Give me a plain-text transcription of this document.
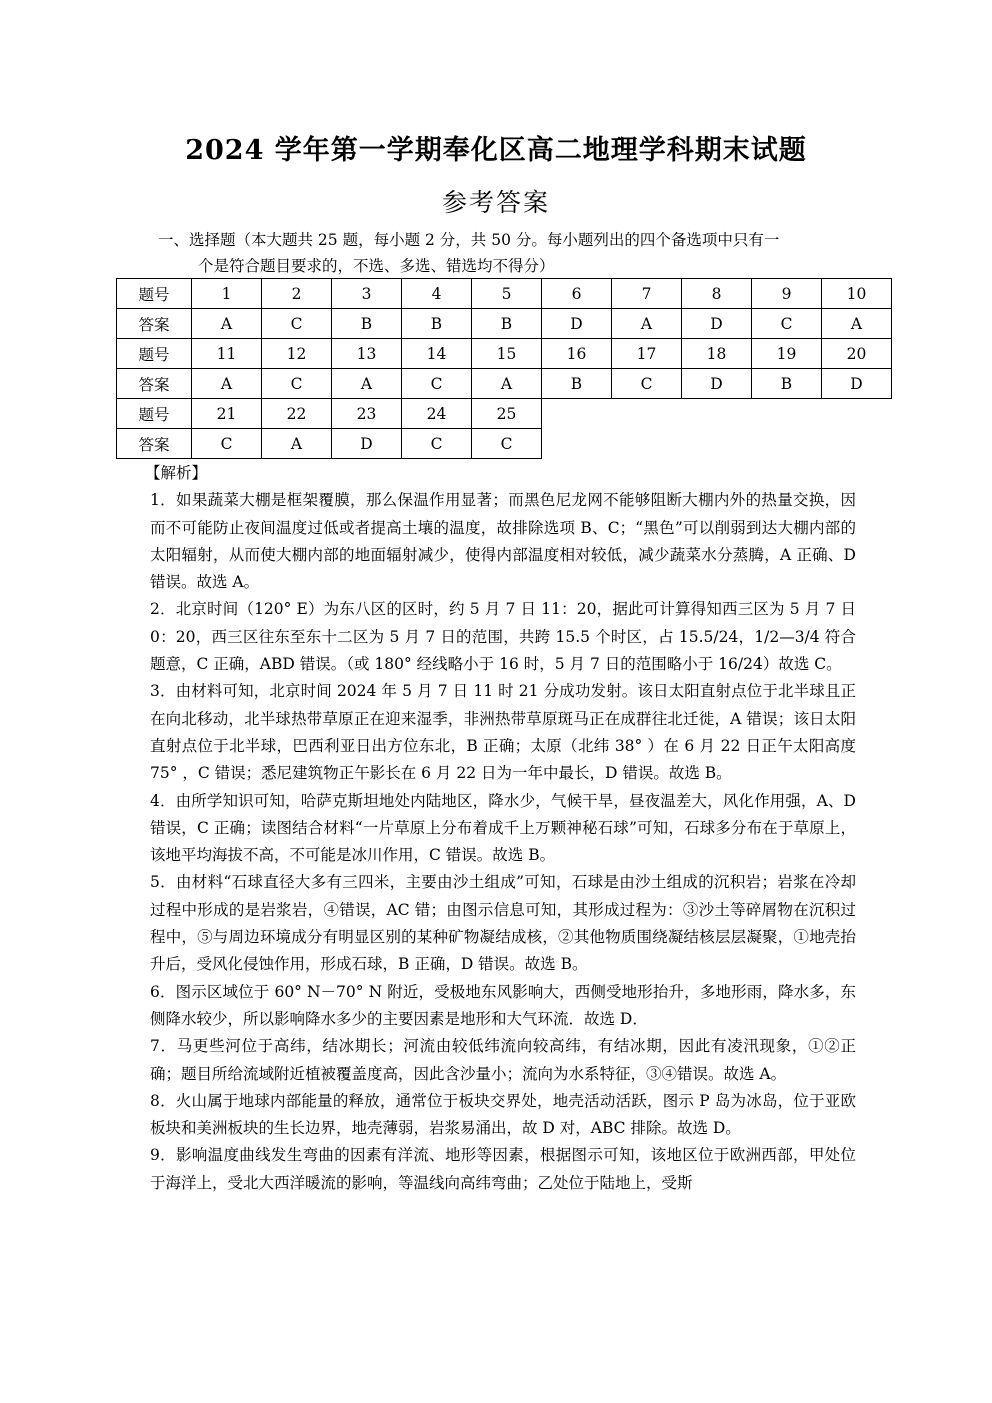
2024 学年第一学期奉化区高二地理学科期末试题
参考答案
一、选择题（本大题共 25 题，每小题 2 分，共 50 分。每小题列出的四个备选项中只有一
个是符合题目要求的，不选、多选、错选均不得分）
题号	1	2	3	4	5	6	7	8	9	10
答案	A	C	B	B	B	D	A	D	C	A
题号	11	12	13	14	15	16	17	18	19	20
答案	A	C	A	C	A	B	C	D	B	D
题号	21	22	23	24	25					
答案	C	A	D	C	C					

【解析】

1．如果蔬菜大棚是框架覆膜，那么保温作用显著；而黑色尼龙网不能够阻断大棚内外的热量交换，因而不可能防止夜间温度过低或者提高土壤的温度，故排除选项 B、C；“黑色”可以削弱到达大棚内部的太阳辐射，从而使大棚内部的地面辐射减少，使得内部温度相对较低，减少蔬菜水分蒸腾，A 正确、D 错误。故选 A。

2．北京时间（120° E）为东八区的区时，约 5 月 7 日 11：20，据此可计算得知西三区为 5 月 7 日 0：20，西三区往东至东十二区为 5 月 7 日的范围，共跨 15.5 个时区，占 15.5/24，1/2—3/4 符合题意，C 正确，ABD 错误。（或 180° 经线略小于 16 时，5 月 7 日的范围略小于 16/24）故选 C。

3．由材料可知，北京时间 2024 年 5 月 7 日 11 时 21 分成功发射。该日太阳直射点位于北半球且正在向北移动，北半球热带草原正在迎来湿季，非洲热带草原斑马正在成群往北迁徙，A 错误；该日太阳直射点位于北半球，巴西利亚日出方位东北，B 正确；太原（北纬 38° ）在 6 月 22 日正午太阳高度 75° ，C 错误；悉尼建筑物正午影长在 6 月 22 日为一年中最长，D 错误。故选 B。

4．由所学知识可知，哈萨克斯坦地处内陆地区，降水少，气候干旱，昼夜温差大，风化作用强，A、D 错误，C 正确；读图结合材料“一片草原上分布着成千上万颗神秘石球”可知，石球多分布在于草原上，该地平均海拔不高，不可能是冰川作用，C 错误。故选 B。

5．由材料“石球直径大多有三四米，主要由沙土组成”可知，石球是由沙土组成的沉积岩；岩浆在冷却过程中形成的是岩浆岩，④错误，AC 错；由图示信息可知，其形成过程为：③沙土等碎屑物在沉积过程中，⑤与周边环境成分有明显区别的某种矿物凝结成核，②其他物质围绕凝结核层层凝聚，①地壳抬升后，受风化侵蚀作用，形成石球，B 正确，D 错误。故选 B。

6．图示区域位于 60° N－70° N 附近，受极地东风影响大，西侧受地形抬升，多地形雨，降水多，东侧降水较少，所以影响降水多少的主要因素是地形和大气环流．故选 D．

7．马更些河位于高纬，结冰期长；河流由较低纬流向较高纬，有结冰期，因此有凌汛现象，①②正确；题目所给流域附近植被覆盖度高，因此含沙量小；流向为水系特征，③④错误。故选 A。

8．火山属于地球内部能量的释放，通常位于板块交界处，地壳活动活跃，图示 P 岛为冰岛，位于亚欧板块和美洲板块的生长边界，地壳薄弱，岩浆易涌出，故 D 对，ABC 排除。故选 D。

9．影响温度曲线发生弯曲的因素有洋流、地形等因素，根据图示可知，该地区位于欧洲西部，甲处位于海洋上，受北大西洋暖流的影响，等温线向高纬弯曲；乙处位于陆地上，受斯
